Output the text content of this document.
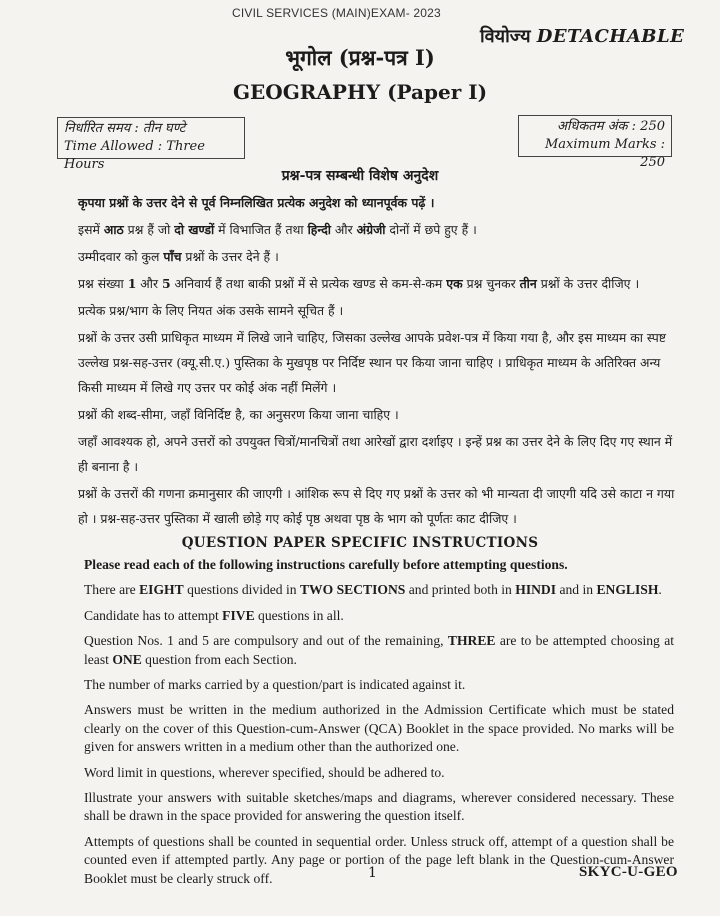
CIVIL SERVICES (MAIN)EXAM- 2023
वियोज्य DETACHABLE
भूगोल (प्रश्न-पत्र I)
GEOGRAPHY (Paper I)
निर्धारित समय : तीन घण्टे
Time Allowed : Three Hours
अधिकतम अंक : 250
Maximum Marks : 250
प्रश्न-पत्र सम्बन्धी विशेष अनुदेश

कृपया प्रश्नों के उत्तर देने से पूर्व निम्नलिखित प्रत्येक अनुदेश को ध्यानपूर्वक पढ़ें ।

इसमें आठ प्रश्न हैं जो दो खण्डों में विभाजित हैं तथा हिन्दी और अंग्रेजी दोनों में छपे हुए हैं ।

उम्मीदवार को कुल पाँच प्रश्नों के उत्तर देने हैं ।

प्रश्न संख्या 1 और 5 अनिवार्य हैं तथा बाकी प्रश्नों में से प्रत्येक खण्ड से कम-से-कम एक प्रश्न चुनकर तीन प्रश्नों के उत्तर दीजिए ।

प्रत्येक प्रश्न/भाग के लिए नियत अंक उसके सामने सूचित हैं ।

प्रश्नों के उत्तर उसी प्राधिकृत माध्यम में लिखे जाने चाहिए, जिसका उल्लेख आपके प्रवेश-पत्र में किया गया है, और इस माध्यम का स्पष्ट उल्लेख प्रश्न-सह-उत्तर (क्यू.सी.ए.) पुस्तिका के मुखपृष्ठ पर निर्दिष्ट स्थान पर किया जाना चाहिए । प्राधिकृत माध्यम के अतिरिक्त अन्य किसी माध्यम में लिखे गए उत्तर पर कोई अंक नहीं मिलेंगे ।

प्रश्नों की शब्द-सीमा, जहाँ विनिर्दिष्ट है, का अनुसरण किया जाना चाहिए ।

जहाँ आवश्यक हो, अपने उत्तरों को उपयुक्त चित्रों/मानचित्रों तथा आरेखों द्वारा दर्शाइए । इन्हें प्रश्न का उत्तर देने के लिए दिए गए स्थान में ही बनाना है ।

प्रश्नों के उत्तरों की गणना क्रमानुसार की जाएगी । आंशिक रूप से दिए गए प्रश्नों के उत्तर को भी मान्यता दी जाएगी यदि उसे काटा न गया हो । प्रश्न-सह-उत्तर पुस्तिका में खाली छोड़े गए कोई पृष्ठ अथवा पृष्ठ के भाग को पूर्णतः काट दीजिए ।

QUESTION PAPER SPECIFIC INSTRUCTIONS

Please read each of the following instructions carefully before attempting questions.

There are EIGHT questions divided in TWO SECTIONS and printed both in HINDI and in ENGLISH.

Candidate has to attempt FIVE questions in all.

Question Nos. 1 and 5 are compulsory and out of the remaining, THREE are to be attempted choosing at least ONE question from each Section.

The number of marks carried by a question/part is indicated against it.

Answers must be written in the medium authorized in the Admission Certificate which must be stated clearly on the cover of this Question-cum-Answer (QCA) Booklet in the space provided. No marks will be given for answers written in a medium other than the authorized one.

Word limit in questions, wherever specified, should be adhered to.

Illustrate your answers with suitable sketches/maps and diagrams, wherever considered necessary. These shall be drawn in the space provided for answering the question itself.

Attempts of questions shall be counted in sequential order. Unless struck off, attempt of a question shall be counted even if attempted partly. Any page or portion of the page left blank in the Question-cum-Answer Booklet must be clearly struck off.	1	SKYC-U-GEO
